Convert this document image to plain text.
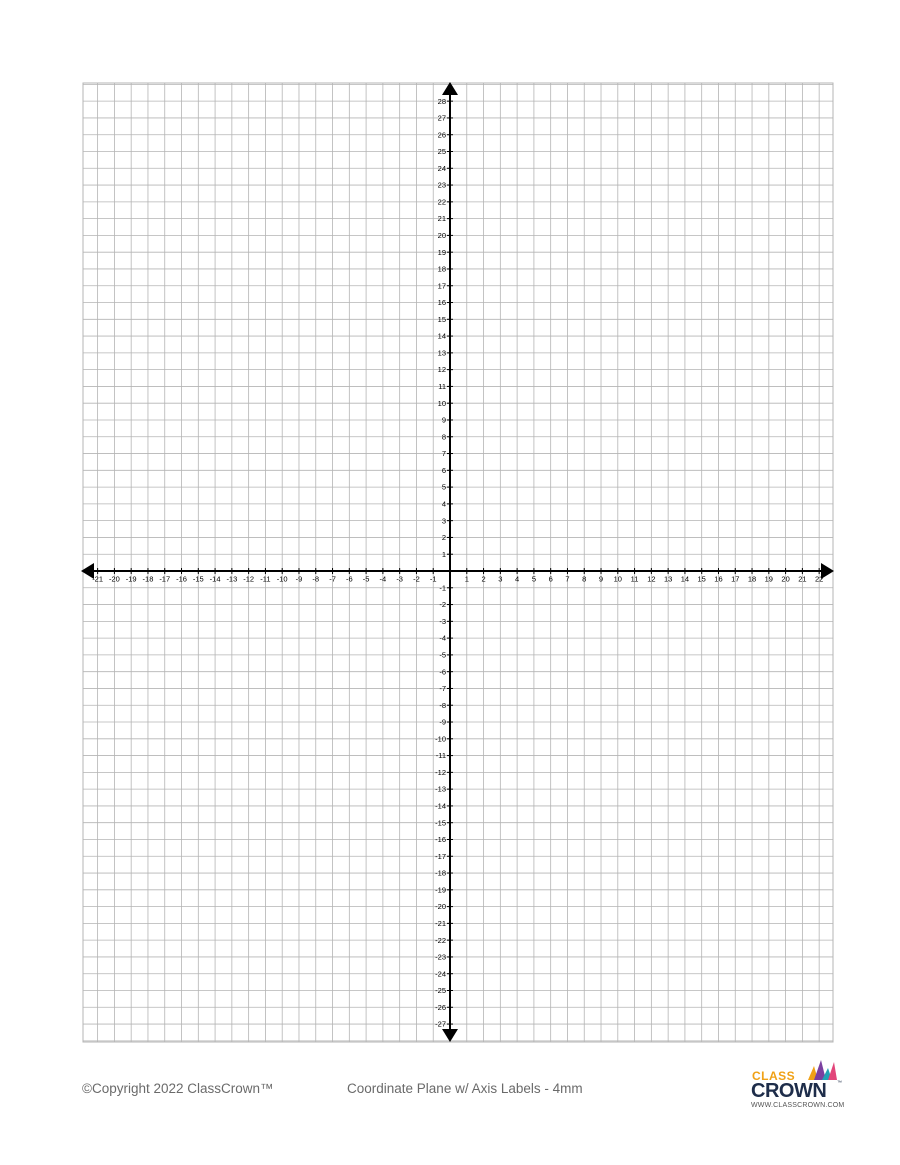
-21 -20 -19 -18 -17 -16 -15 -14 -13 -12 -11 -10 -9 -8 -7 -6 -5 -4 -3 -2 -1	1 2 3 4 5 6 7 8 9 10 11 12 13 14 15 16 17 18 19 20 21 22
28
27
26
25
24
23
22
21
20
19
18
17
16
15
14
13
12
11
10
9
8
7
6
5
4
3
2
1
-1
-2
-3
-4
-5
-6
-7
-8
-9
-10
-11
-12
-13
-14
-15
-16
-17
-18
-19
-20
-21
-22
-23
-24
-25
-26
-27
©Copyright 2022 ClassCrown™	Coordinate Plane w/ Axis Labels - 4mm
CLASS
CROWN ™
WWW.CLASSCROWN.COM
